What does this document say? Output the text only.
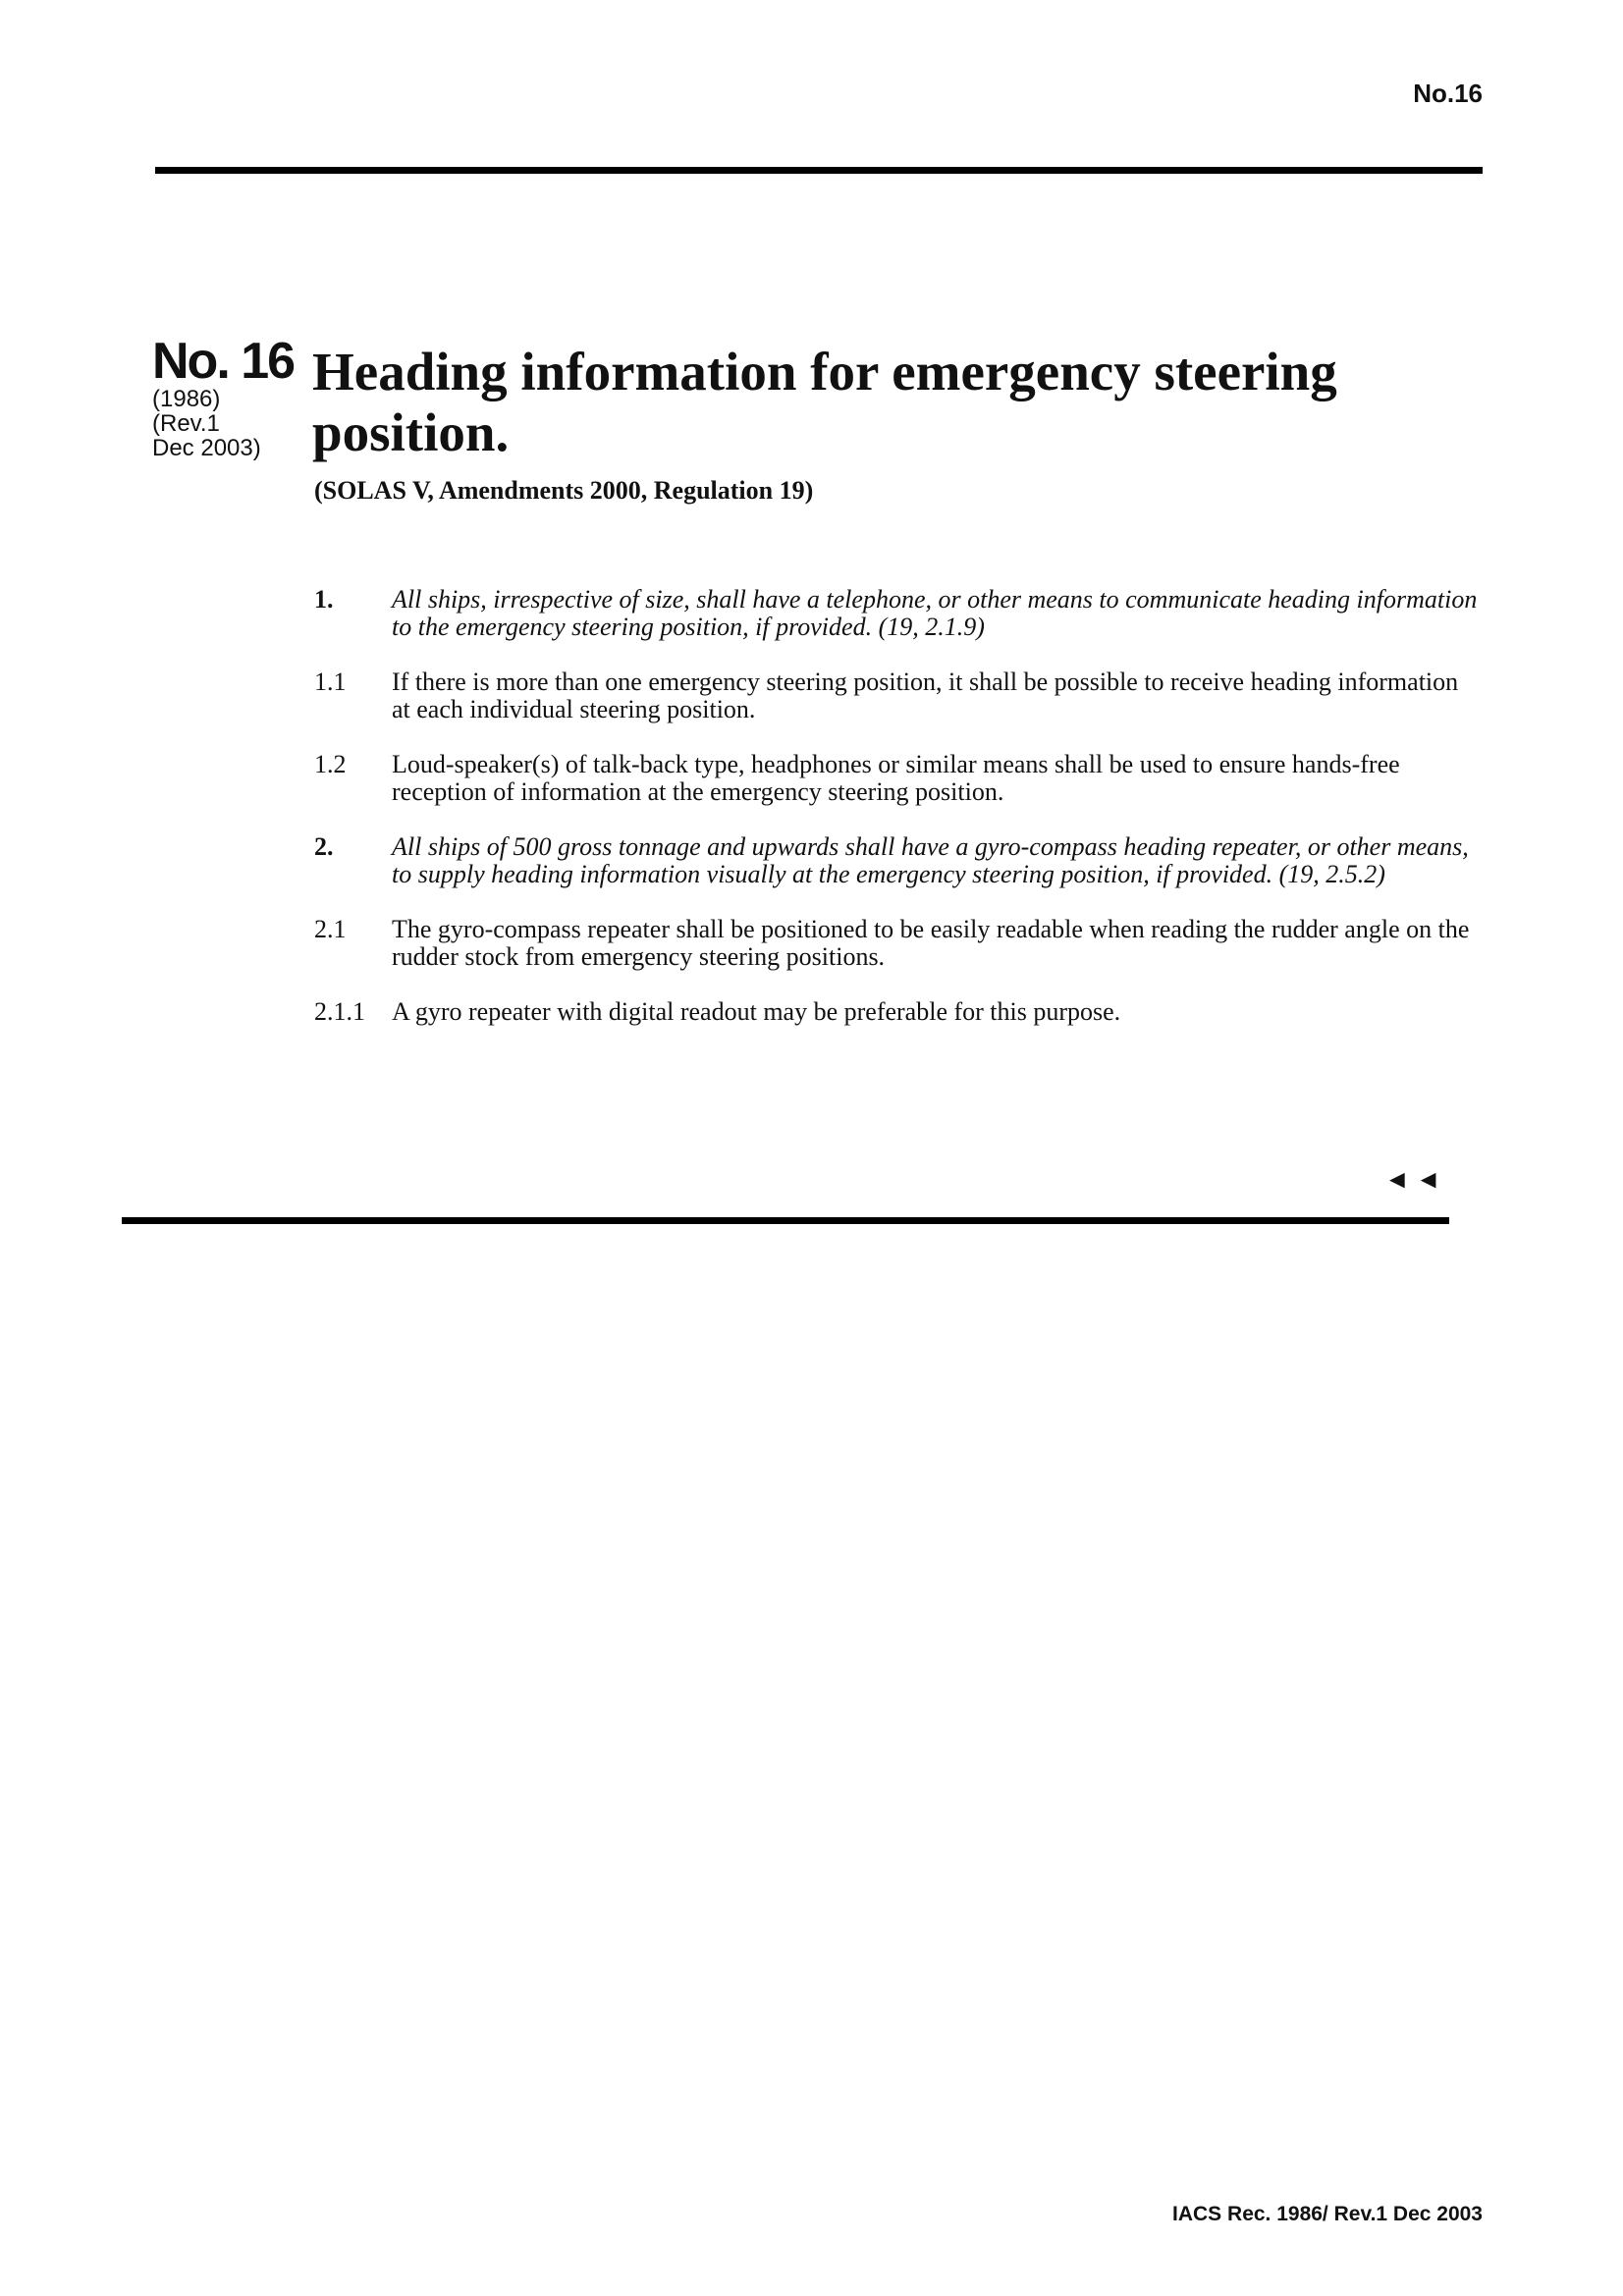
No.16
No. 16
(1986)
(Rev.1
Dec 2003)
Heading information for emergency steering
position.
(SOLAS V, Amendments 2000, Regulation 19)
1.	All ships, irrespective of size, shall have a telephone, or other means to communicate heading information to the emergency steering position, if provided. (19, 2.1.9)
1.1	If there is more than one emergency steering position, it shall be possible to receive heading information at each individual steering position.
1.2	Loud-speaker(s) of talk-back type, headphones or similar means shall be used to ensure hands-free reception of information at the emergency steering position.
2.	All ships of 500 gross tonnage and upwards shall have a gyro-compass heading repeater, or other means, to supply heading information visually at the emergency steering position, if provided. (19, 2.5.2)
2.1	The gyro-compass repeater shall be positioned to be easily readable when reading the rudder angle on the rudder stock from emergency steering positions.
2.1.1	A gyro repeater with digital readout may be preferable for this purpose.
◄◄
IACS Rec. 1986/ Rev.1 Dec 2003
